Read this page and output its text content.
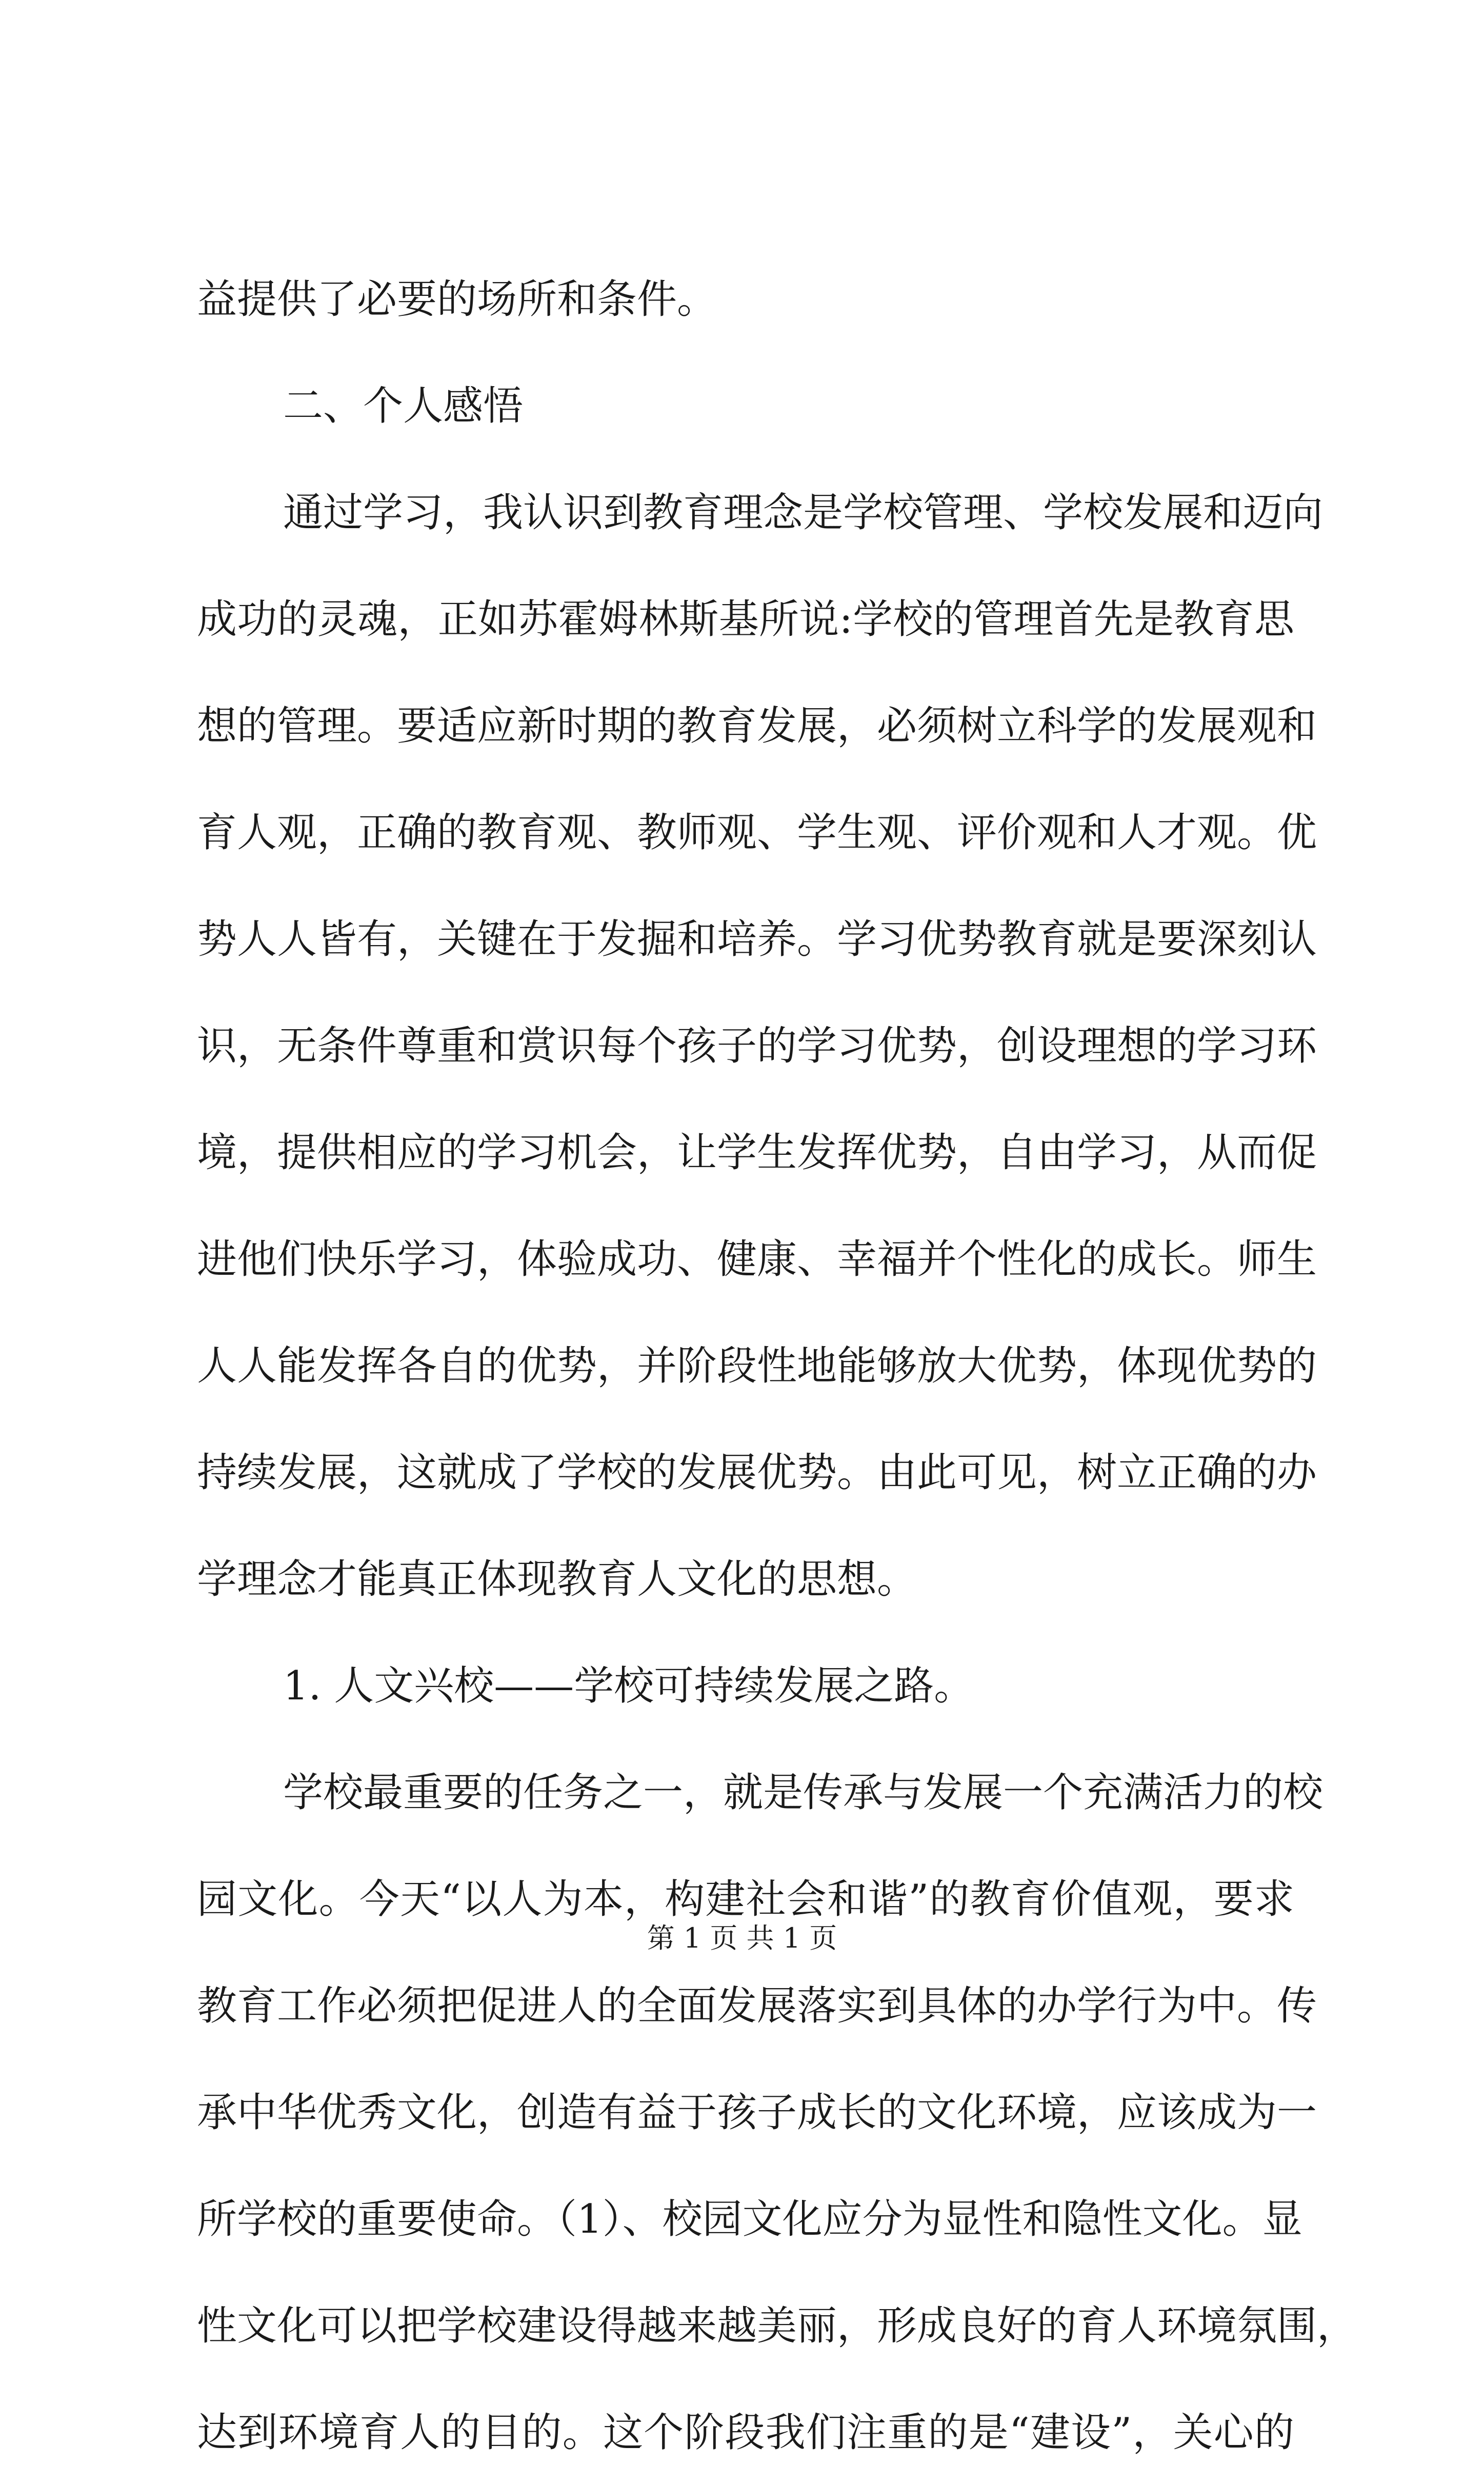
益提供了必要的场所和条件。
二、个人感悟
通过学习，我认识到教育理念是学校管理、学校发展和迈向
成功的灵魂，正如苏霍姆林斯基所说:学校的管理首先是教育思
想的管理。要适应新时期的教育发展，必须树立科学的发展观和
育人观，正确的教育观、教师观、学生观、评价观和人才观。优
势人人皆有，关键在于发掘和培养。学习优势教育就是要深刻认
识，无条件尊重和赏识每个孩子的学习优势，创设理想的学习环
境，提供相应的学习机会，让学生发挥优势，自由学习，从而促
进他们快乐学习，体验成功、健康、幸福并个性化的成长。师生
人人能发挥各自的优势，并阶段性地能够放大优势，体现优势的
持续发展，这就成了学校的发展优势。由此可见，树立正确的办
学理念才能真正体现教育人文化的思想。
1. 人文兴校——学校可持续发展之路。
学校最重要的任务之一，就是传承与发展一个充满活力的校
园文化。今天“以人为本，构建社会和谐”的教育价值观，要求
教育工作必须把促进人的全面发展落实到具体的办学行为中。传
承中华优秀文化，创造有益于孩子成长的文化环境，应该成为一
所学校的重要使命。（1）、校园文化应分为显性和隐性文化。显
性文化可以把学校建设得越来越美丽，形成良好的育人环境氛围，
达到环境育人的目的。这个阶段我们注重的是“建设”，关心的
第 1 页 共 1 页
